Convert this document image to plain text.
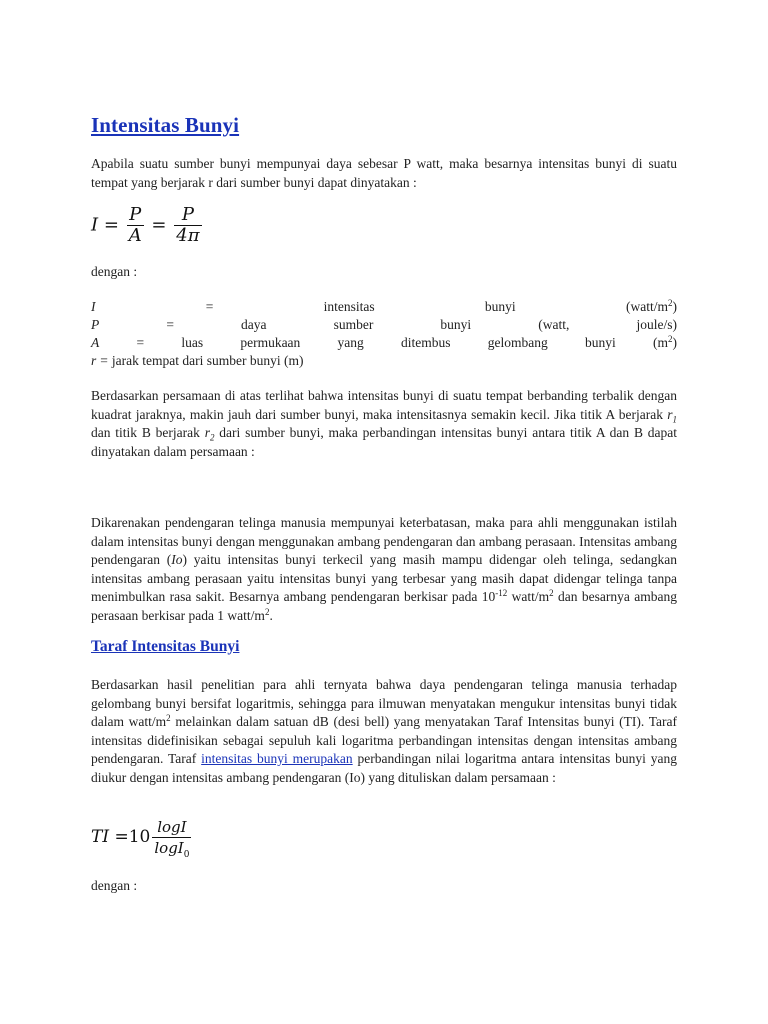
Intensitas Bunyi

Apabila suatu sumber bunyi mempunyai daya sebesar P watt, maka besarnya intensitas bunyi di suatu tempat yang berjarak r dari sumber bunyi dapat dinyatakan :

$I = \frac{P}{A} = \frac{P}{4\pi}$

dengan :

I	=	intensitas	bunyi	$(watt/m^2)$
P	=	daya	sumber	bunyi	(watt,	joule/s)
A	=	luas	permukaan	yang	ditembus	gelombang	bunyi	$(m^2)$
r = jarak tempat dari sumber bunyi (m)

Berdasarkan persamaan di atas terlihat bahwa intensitas bunyi di suatu tempat berbanding terbalik dengan kuadrat jaraknya, makin jauh dari sumber bunyi, maka intensitasnya semakin kecil. Jika titik A berjarak $r_1$ dan titik B berjarak $r_2$ dari sumber bunyi, maka perbandingan intensitas bunyi antara titik A dan B dapat dinyatakan dalam persamaan :

Dikarenakan pendengaran telinga manusia mempunyai keterbatasan, maka para ahli menggunakan istilah dalam intensitas bunyi dengan menggunakan ambang pendengaran dan ambang perasaan. Intensitas ambang pendengaran (Io) yaitu intensitas bunyi terkecil yang masih mampu didengar oleh telinga, sedangkan intensitas ambang perasaan yaitu intensitas bunyi yang terbesar yang masih dapat didengar telinga tanpa menimbulkan rasa sakit. Besarnya ambang pendengaran berkisar pada $10^{-12}$ watt/$m^2$ dan besarnya ambang perasaan berkisar pada 1 watt/$m^2$.

Taraf Intensitas Bunyi

Berdasarkan hasil penelitian para ahli ternyata bahwa daya pendengaran telinga manusia terhadap gelombang bunyi bersifat logaritmis, sehingga para ilmuwan menyatakan mengukur intensitas bunyi tidak dalam watt/$m^2$ melainkan dalam satuan dB (desi bell) yang menyatakan Taraf Intensitas bunyi (TI). Taraf intensitas didefinisikan sebagai sepuluh kali logaritma perbandingan intensitas dengan intensitas ambang pendengaran. Taraf intensitas bunyi merupakan perbandingan nilai logaritma antara intensitas bunyi yang diukur dengan intensitas ambang pendengaran (Io) yang dituliskan dalam persamaan :

TI $=10 \frac{\log I}{\log I_0}$

dengan :
